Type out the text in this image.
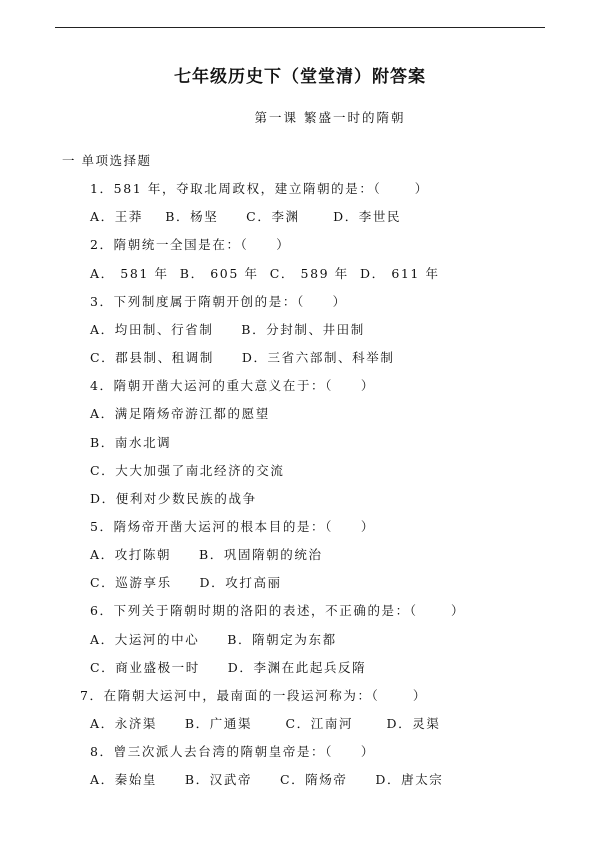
七年级历史下（堂堂清）附答案
第一课 繁盛一时的隋朝
一 单项选择题
1．581 年，夺取北周政权，建立隋朝的是：（      ）
A．王莽    B．杨坚     C．李渊      D．李世民
2．隋朝统一全国是在：（     ）
A． 581 年  B． 605 年  C． 589 年  D． 611 年
3．下列制度属于隋朝开创的是：（     ）
A．均田制、行省制     B．分封制、井田制
C．郡县制、租调制     D．三省六部制、科举制
4．隋朝开凿大运河的重大意义在于：（     ）
A．满足隋炀帝游江都的愿望
B．南水北调
C．大大加强了南北经济的交流
D．便利对少数民族的战争
5．隋炀帝开凿大运河的根本目的是：（     ）
A．攻打陈朝     B．巩固隋朝的统治
C．巡游享乐     D．攻打高丽
6．下列关于隋朝时期的洛阳的表述，不正确的是：（      ）
A．大运河的中心     B．隋朝定为东都
C．商业盛极一时     D．李渊在此起兵反隋
7．在隋朝大运河中，最南面的一段运河称为：（      ）
A．永济渠     B．广通渠      C．江南河      D．灵渠
8．曾三次派人去台湾的隋朝皇帝是：（     ）
A．秦始皇     B．汉武帝     C．隋炀帝     D．唐太宗
